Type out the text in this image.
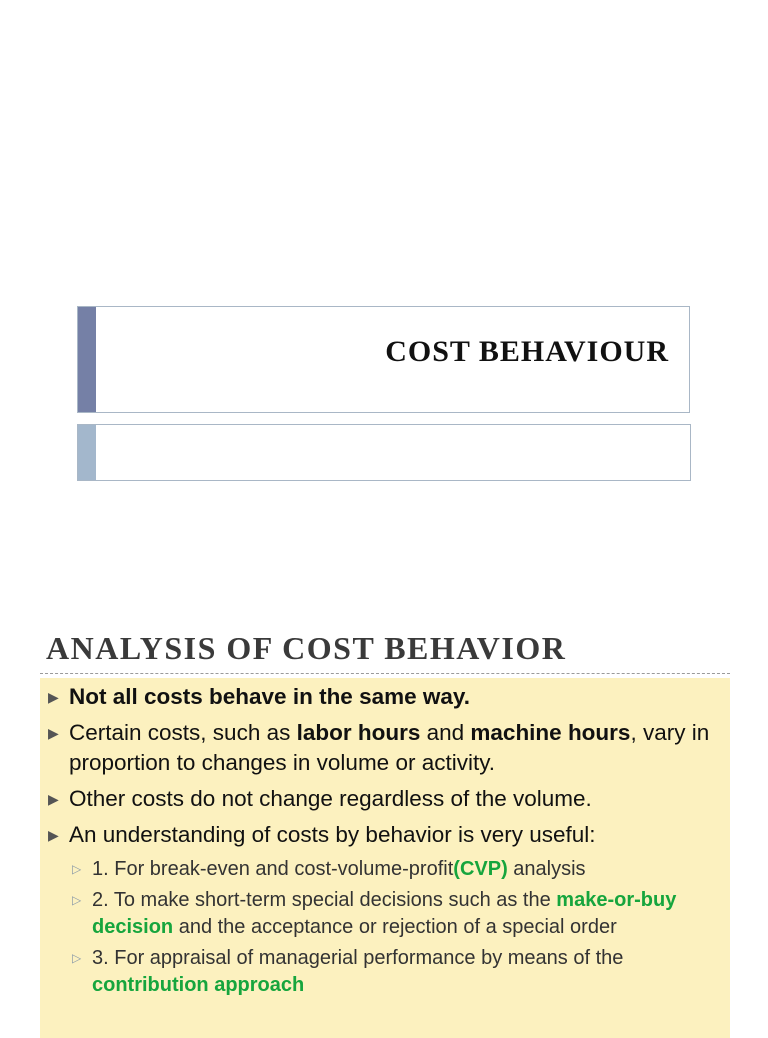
COST BEHAVIOUR
ANALYSIS OF COST BEHAVIOR
▶ Not all costs behave in the same way.
▶ Certain costs, such as labor hours and machine hours, vary in proportion to changes in volume or activity.
▶ Other costs do not change regardless of the volume.
▶ An understanding of costs by behavior is very useful:
▷ 1. For break-even and cost-volume-profit(CVP) analysis
▷ 2. To make short-term special decisions such as the make-or-buy decision and the acceptance or rejection of a special order
▷ 3. For appraisal of managerial performance by means of the contribution approach
